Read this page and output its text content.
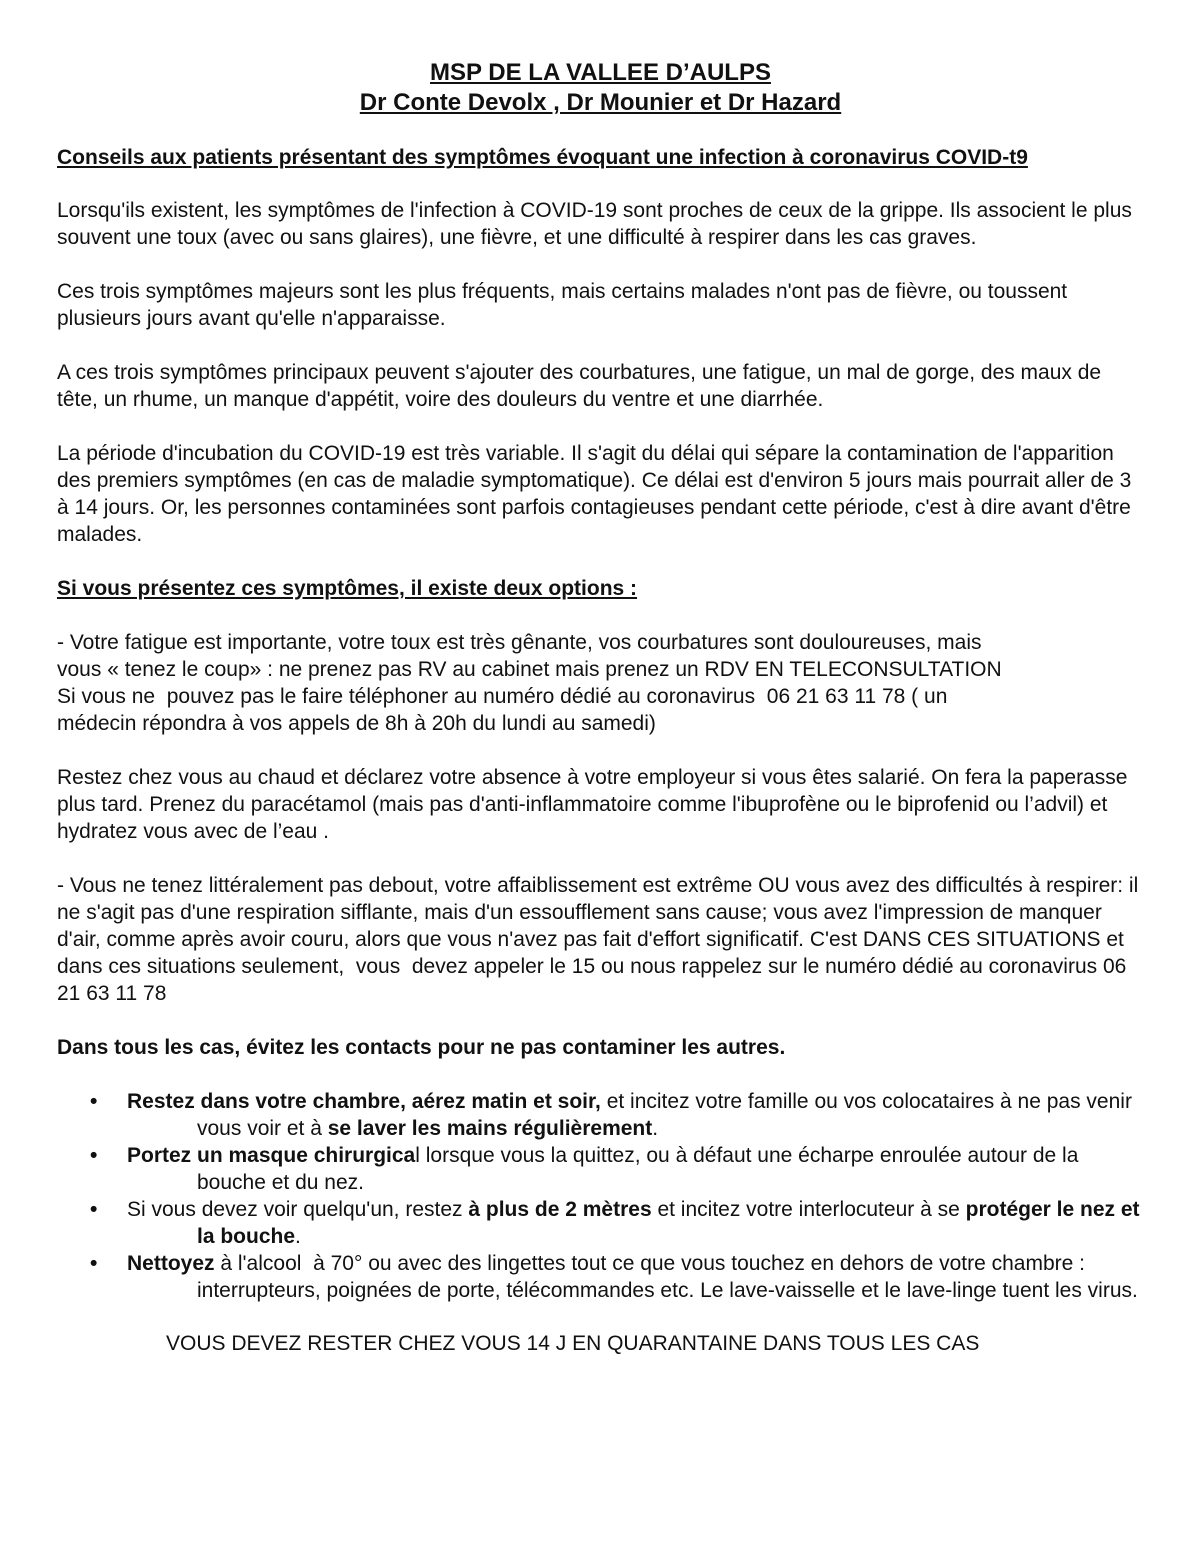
MSP DE LA VALLEE D’AULPS
Dr Conte Devolx , Dr Mounier et Dr Hazard

Conseils aux patients présentant des symptômes évoquant une infection à coronavirus COVID-t9

Lorsqu'ils existent, les symptômes de l'infection à COVID-19 sont proches de ceux de la grippe. Ils associent le plus souvent une toux (avec ou sans glaires), une fièvre, et une difficulté à respirer dans les cas graves.

Ces trois symptômes majeurs sont les plus fréquents, mais certains malades n'ont pas de fièvre, ou toussent plusieurs jours avant qu'elle n'apparaisse.

A ces trois symptômes principaux peuvent s'ajouter des courbatures, une fatigue, un mal de gorge, des maux de tête, un rhume, un manque d'appétit, voire des douleurs du ventre et une diarrhée.

La période d'incubation du COVID-19 est très variable. Il s'agit du délai qui sépare la contamination de l'apparition des premiers symptômes (en cas de maladie symptomatique). Ce délai est d'environ 5 jours mais pourrait aller de 3 à 14 jours. Or, les personnes contaminées sont parfois contagieuses pendant cette période, c'est à dire avant d'être malades.

Si vous présentez ces symptômes, il existe deux options :

- Votre fatigue est importante, votre toux est très gênante, vos courbatures sont douloureuses, mais

vous « tenez le coup» : ne prenez pas RV au cabinet mais prenez un RDV EN TELECONSULTATION

Si vous ne  pouvez pas le faire téléphoner au numéro dédié au coronavirus  06 21 63 11 78 ( un

médecin répondra à vos appels de 8h à 20h du lundi au samedi)

Restez chez vous au chaud et déclarez votre absence à votre employeur si vous êtes salarié. On fera la paperasse plus tard. Prenez du paracétamol (mais pas d'anti-inflammatoire comme l'ibuprofène ou le biprofenid ou l’advil) et hydratez vous avec de l’eau .

- Vous ne tenez littéralement pas debout, votre affaiblissement est extrême OU vous avez des difficultés à respirer: il ne s'agit pas d'une respiration sifflante, mais d'un essoufflement sans cause; vous avez l'impression de manquer d'air, comme après avoir couru, alors que vous n'avez pas fait d'effort significatif. C'est DANS CES SITUATIONS et dans ces situations seulement,  vous  devez appeler le 15 ou nous rappelez sur le numéro dédié au coronavirus 06 21 63 11 78

Dans tous les cas, évitez les contacts pour ne pas contaminer les autres.

• Restez dans votre chambre, aérez matin et soir, et incitez votre famille ou vos colocataires à ne pas venir vous voir et à se laver les mains régulièrement.
• Portez un masque chirurgical lorsque vous la quittez, ou à défaut une écharpe enroulée autour de la bouche et du nez.
• Si vous devez voir quelqu'un, restez à plus de 2 mètres et incitez votre interlocuteur à se protéger le nez et la bouche.
• Nettoyez à l'alcool  à 70° ou avec des lingettes tout ce que vous touchez en dehors de votre chambre : interrupteurs, poignées de porte, télécommandes etc. Le lave-vaisselle et le lave-linge tuent les virus.

VOUS DEVEZ RESTER CHEZ VOUS 14 J EN QUARANTAINE DANS TOUS LES CAS
